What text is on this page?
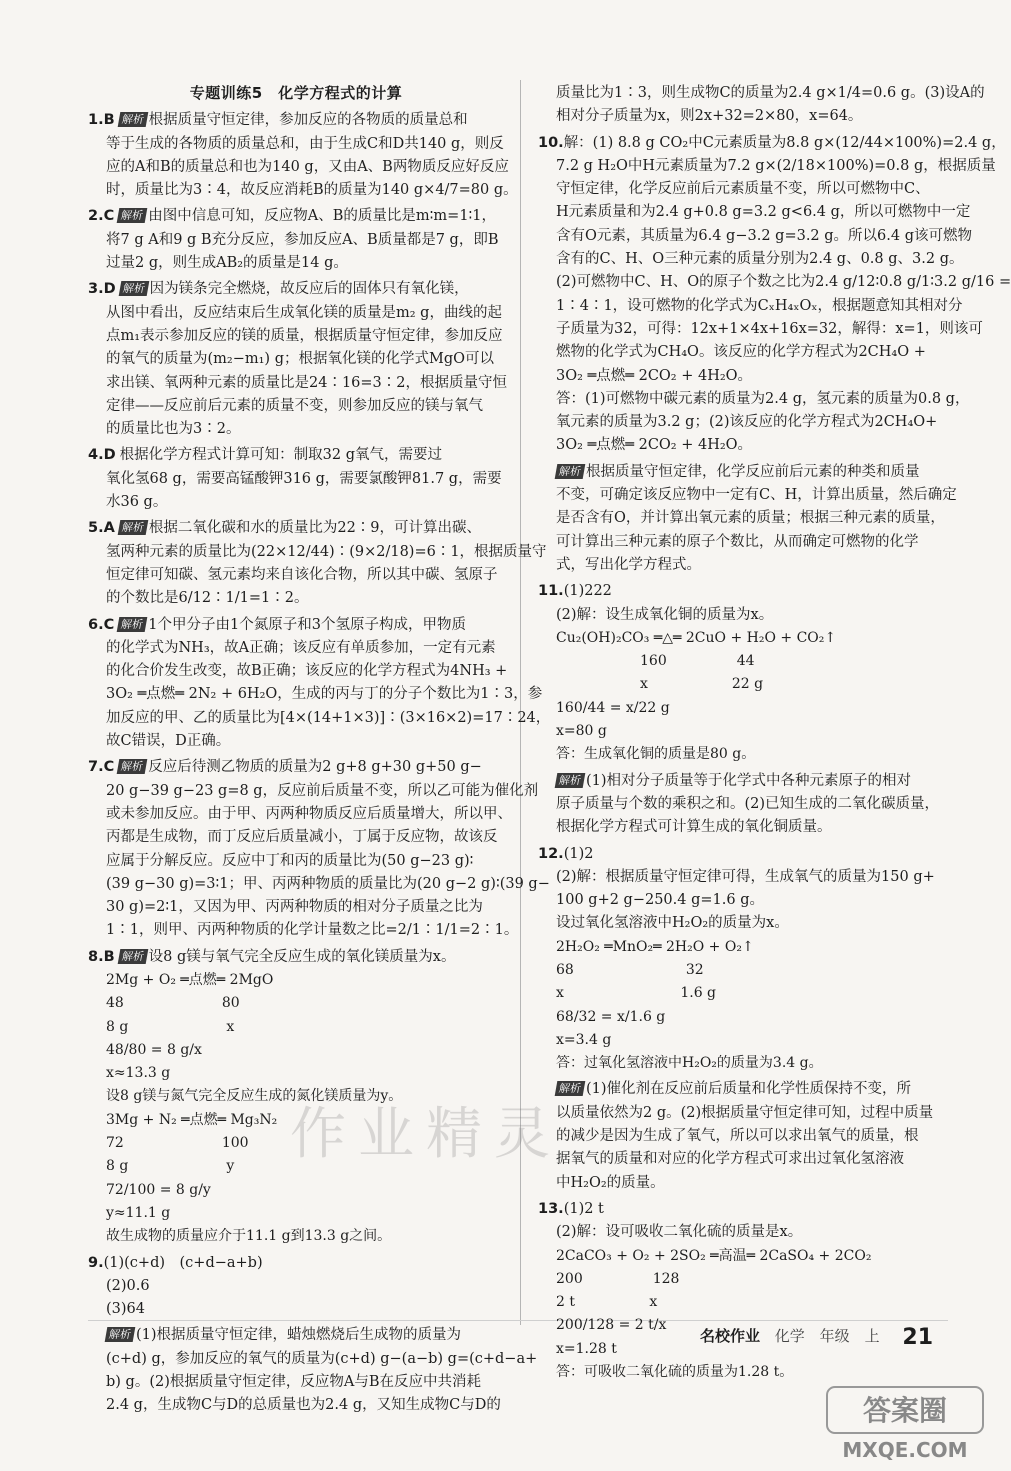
专题训练5　化学方程式的计算
1.B 解析 根据质量守恒定律，参加反应的各物质的质量总和
等于生成的各物质的质量总和，由于生成C和D共140 g，则反
应的A和B的质量总和也为140 g，又由A、B两物质反应好反应
时，质量比为3∶4，故反应消耗B的质量为140 g×4/7=80 g。
2.C 解析 由图中信息可知，反应物A、B的质量比是m∶m=1∶1，
将7 g A和9 g B充分反应，参加反应A、B质量都是7 g，即B
过量2 g，则生成AB₂的质量是14 g。
3.D 解析 因为镁条完全燃烧，故反应后的固体只有氧化镁，
从图中看出，反应结束后生成氧化镁的质量是m₂ g，曲线的起
点m₁表示参加反应的镁的质量，根据质量守恒定律，参加反应
的氧气的质量为(m₂−m₁) g；根据氧化镁的化学式MgO可以
求出镁、氧两种元素的质量比是24∶16=3∶2，根据质量守恒
定律——反应前后元素的质量不变，则参加反应的镁与氧气
的质量比也为3∶2。
4.D 根据化学方程式计算可知：制取32 g氧气，需要过
氧化氢68 g，需要高锰酸钾316 g，需要氯酸钾81.7 g，需要
水36 g。
5.A 解析 根据二氧化碳和水的质量比为22∶9，可计算出碳、
氢两种元素的质量比为(22×12/44)∶(9×2/18)=6∶1，根据质量守
恒定律可知碳、氢元素均来自该化合物，所以其中碳、氢原子
的个数比是6/12∶1/1=1∶2。
6.C 解析 1个甲分子由1个氮原子和3个氢原子构成，甲物质
的化学式为NH₃，故A正确；该反应有单质参加，一定有元素
的化合价发生改变，故B正确；该反应的化学方程式为4NH₃ +
3O₂ ═点燃═ 2N₂ + 6H₂O，生成的丙与丁的分子个数比为1∶3，参
加反应的甲、乙的质量比为[4×(14+1×3)]∶(3×16×2)=17∶24，
故C错误，D正确。
7.C 解析 反应后待测乙物质的质量为2 g+8 g+30 g+50 g−
20 g−39 g−23 g=8 g，反应前后质量不变，所以乙可能为催化剂
或未参加反应。由于甲、丙两种物质反应后质量增大，所以甲、
丙都是生成物，而丁反应后质量减小，丁属于反应物，故该反
应属于分解反应。反应中丁和丙的质量比为(50 g−23 g)∶
(39 g−30 g)=3∶1；甲、丙两种物质的质量比为(20 g−2 g)∶(39 g−
30 g)=2∶1，又因为甲、丙两种物质的相对分子质量之比为
1∶1，则甲、丙两种物质的化学计量数之比=2/1∶1/1=2∶1。
8.B 解析 设8 g镁与氧气完全反应生成的氧化镁质量为x。
2Mg + O₂ ═点燃═ 2MgO
48　　　　　　　80
8 g　　　　　　　x
48/80 = 8 g/x
x≈13.3 g
设8 g镁与氮气完全反应生成的氮化镁质量为y。
3Mg + N₂ ═点燃═ Mg₃N₂
72　　　　　　　100
8 g　　　　　　　y
72/100 = 8 g/y
y≈11.1 g
故生成物的质量应介于11.1 g到13.3 g之间。
9.(1)(c+d)　(c+d−a+b)
(2)0.6
(3)64
解析 (1)根据质量守恒定律，蜡烛燃烧后生成物的质量为
(c+d) g，参加反应的氧气的质量为(c+d) g−(a−b) g=(c+d−a+
b) g。(2)根据质量守恒定律，反应物A与B在反应中共消耗
2.4 g，生成物C与D的总质量也为2.4 g，又知生成物C与D的
质量比为1∶3，则生成物C的质量为2.4 g×1/4=0.6 g。(3)设A的
相对分子质量为x，则2x+32=2×80，x=64。
10.解：(1) 8.8 g CO₂中C元素质量为8.8 g×(12/44×100%)=2.4 g，
7.2 g H₂O中H元素质量为7.2 g×(2/18×100%)=0.8 g，根据质量
守恒定律，化学反应前后元素质量不变，所以可燃物中C、
H元素质量和为2.4 g+0.8 g=3.2 g<6.4 g，所以可燃物中一定
含有O元素，其质量为6.4 g−3.2 g=3.2 g。所以6.4 g该可燃物
含有的C、H、O三种元素的质量分别为2.4 g、0.8 g、3.2 g。
(2)可燃物中C、H、O的原子个数之比为2.4 g/12∶0.8 g/1∶3.2 g/16 =
1∶4∶1，设可燃物的化学式为CₓH₄ₓOₓ，根据题意知其相对分
子质量为32，可得：12x+1×4x+16x=32，解得：x=1，则该可
燃物的化学式为CH₄O。该反应的化学方程式为2CH₄O +
3O₂ ═点燃═ 2CO₂ + 4H₂O。
答：(1)可燃物中碳元素的质量为2.4 g，氢元素的质量为0.8 g，
氧元素的质量为3.2 g；(2)该反应的化学方程式为2CH₄O+
3O₂ ═点燃═ 2CO₂ + 4H₂O。
解析 根据质量守恒定律，化学反应前后元素的种类和质量
不变，可确定该反应物中一定有C、H，计算出质量，然后确定
是否含有O，并计算出氧元素的质量；根据三种元素的质量，
可计算出三种元素的原子个数比，从而确定可燃物的化学
式，写出化学方程式。
11.(1)222
(2)解：设生成氧化铜的质量为x。
Cu₂(OH)₂CO₃ ═△═ 2CuO + H₂O + CO₂↑
　　　　　　160　　　　　44
　　　　　　x　　　　　　22 g
160/44 = x/22 g
x=80 g
答：生成氧化铜的质量是80 g。
解析 (1)相对分子质量等于化学式中各种元素原子的相对
原子质量与个数的乘积之和。(2)已知生成的二氧化碳质量，
根据化学方程式可计算生成的氧化铜质量。
12.(1)2
(2)解：根据质量守恒定律可得，生成氧气的质量为150 g+
100 g+2 g−250.4 g=1.6 g。
设过氧化氢溶液中H₂O₂的质量为x。
2H₂O₂ ═MnO₂═ 2H₂O + O₂↑
68　　　　　　　　32
x　　　　　　　　 1.6 g
68/32 = x/1.6 g
x=3.4 g
答：过氧化氢溶液中H₂O₂的质量为3.4 g。
解析 (1)催化剂在反应前后质量和化学性质保持不变，所
以质量依然为2 g。(2)根据质量守恒定律可知，过程中质量
的减少是因为生成了氧气，所以可以求出氧气的质量，根
据氧气的质量和对应的化学方程式可求出过氧化氢溶液
中H₂O₂的质量。
13.(1)2 t
(2)解：设可吸收二氧化硫的质量是x。
2CaCO₃ + O₂ + 2SO₂ ═高温═ 2CaSO₄ + 2CO₂
200　　　　　128
2 t　　　　　 x
200/128 = 2 t/x
x=1.28 t
答：可吸收二氧化硫的质量为1.28 t。
作业精灵
名校作业 化学 年级　上 21
答案圈
MXQE.COM
